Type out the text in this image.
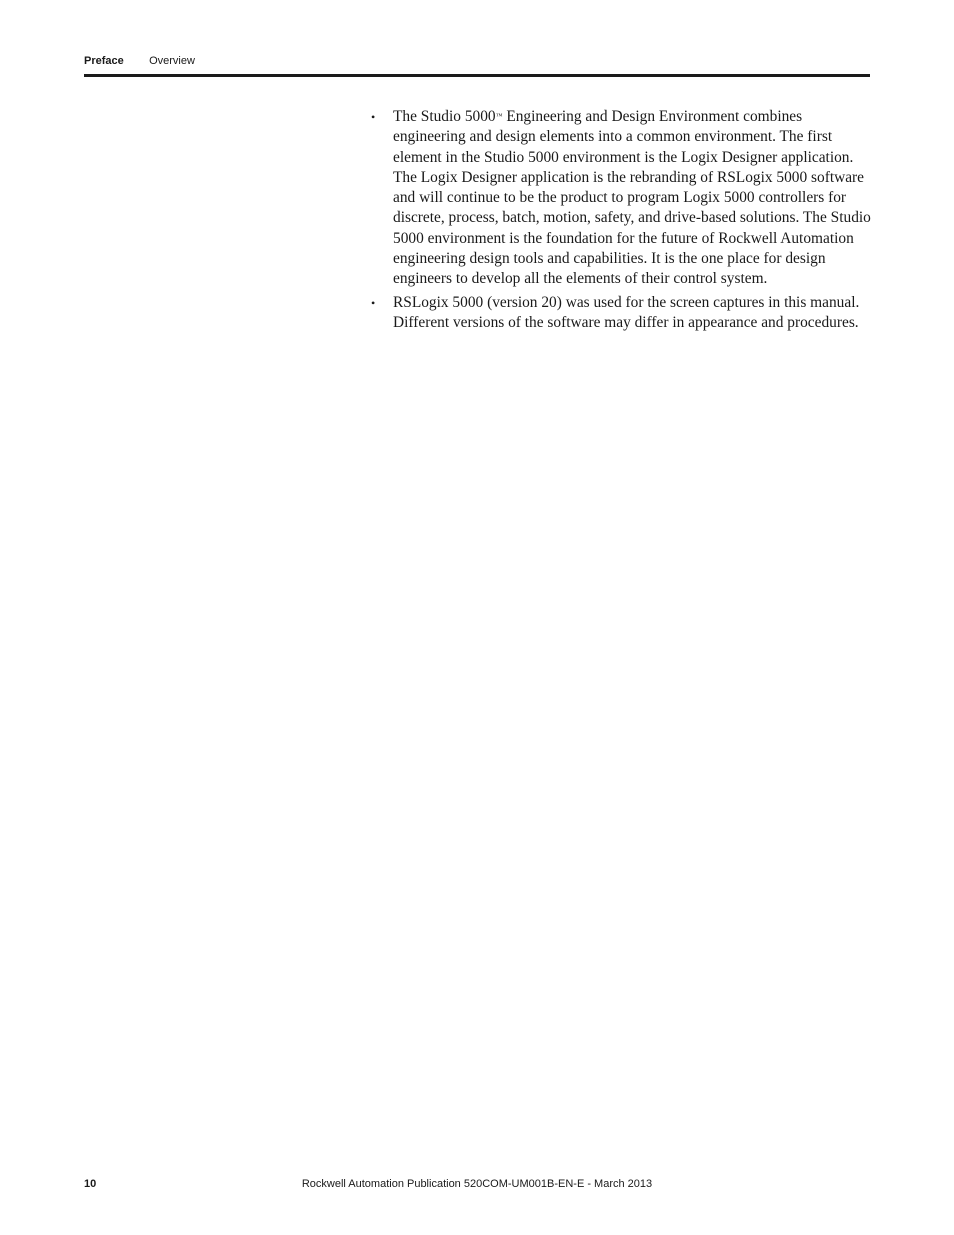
Preface Overview
•	The Studio 5000™ Engineering and Design Environment combines engineering and design elements into a common environment. The first element in the Studio 5000 environment is the Logix Designer application. The Logix Designer application is the rebranding of RSLogix 5000 software and will continue to be the product to program Logix 5000 controllers for discrete, process, batch, motion, safety, and drive-based solutions. The Studio 5000 environment is the foundation for the future of Rockwell Automation engineering design tools and capabilities. It is the one place for design engineers to develop all the elements of their control system.
•	RSLogix 5000 (version 20) was used for the screen captures in this manual. Different versions of the software may differ in appearance and procedures.
10	Rockwell Automation Publication 520COM-UM001B-EN-E - March 2013
